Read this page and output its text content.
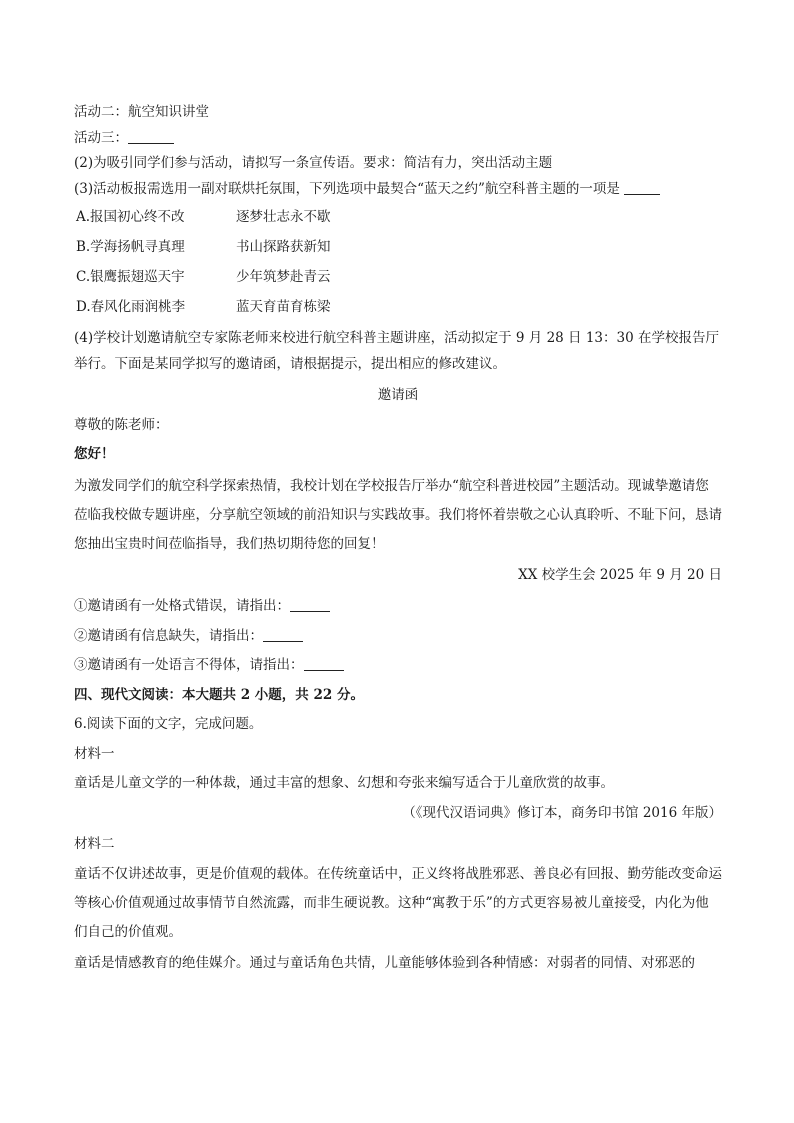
活动二：航空知识讲堂
活动三：
(2)为吸引同学们参与活动，请拟写一条宣传语。要求：简洁有力，突出活动主题
(3)活动板报需选用一副对联烘托氛围，下列选项中最契合“蓝天之约”航空科普主题的一项是
A.报国初心终不改	逐梦壮志永不歇
B.学海扬帆寻真理	书山探路获新知
C.银鹰振翅巡天宇	少年筑梦赴青云
D.春风化雨润桃李	蓝天育苗育栋梁
(4)学校计划邀请航空专家陈老师来校进行航空科普主题讲座，活动拟定于 9 月 28 日 13：30 在学校报告厅
举行。下面是某同学拟写的邀请函，请根据提示，提出相应的修改建议。
邀请函
尊敬的陈老师：
您好！
为激发同学们的航空科学探索热情，我校计划在学校报告厅举办“航空科普进校园”主题活动。现诚挚邀请您莅临我校做专题讲座，分享航空领域的前沿知识与实践故事。我们将怀着崇敬之心认真聆听、不耻下问，恳请您抽出宝贵时间莅临指导，我们热切期待您的回复！
XX 校学生会 2025 年 9 月 20 日
①邀请函有一处格式错误，请指出：
②邀请函有信息缺失，请指出：
③邀请函有一处语言不得体，请指出：
四、现代文阅读：本大题共 2 小题，共 22 分。
6.阅读下面的文字，完成问题。
材料一
童话是儿童文学的一种体裁，通过丰富的想象、幻想和夸张来编写适合于儿童欣赏的故事。
（《现代汉语词典》修订本，商务印书馆 2016 年版）
材料二
童话不仅讲述故事，更是价值观的载体。在传统童话中，正义终将战胜邪恶、善良必有回报、勤劳能改变命运等核心价值观通过故事情节自然流露，而非生硬说教。这种“寓教于乐”的方式更容易被儿童接受，内化为他们自己的价值观。
童话是情感教育的绝佳媒介。通过与童话角色共情，儿童能够体验到各种情感：对弱者的同情、对邪恶的
